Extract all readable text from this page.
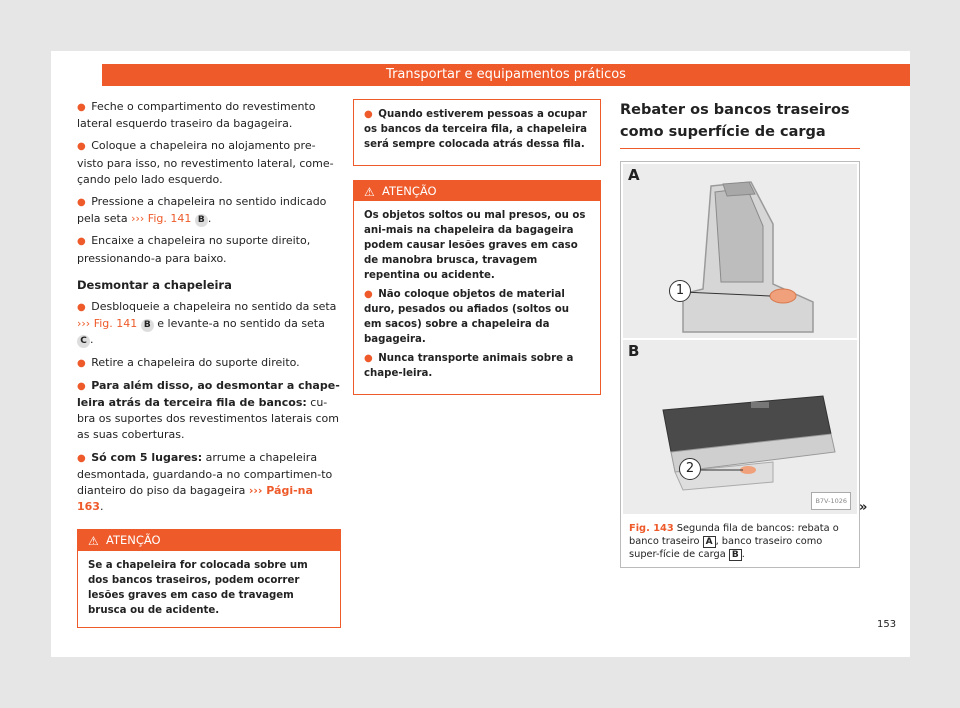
Transportar e equipamentos práticos
● Feche o compartimento do revestimento lateral esquerdo traseiro da bagageira.
● Coloque a chapeleira no alojamento pre-visto para isso, no revestimento lateral, come-çando pelo lado esquerdo.
● Pressione a chapeleira no sentido indicado pela seta ››› Fig. 141 B .
● Encaixe a chapeleira no suporte direito, pressionando-a para baixo.
Desmontar a chapeleira
● Desbloqueie a chapeleira no sentido da seta ››› Fig. 141 B e levante-a no sentido da seta C .
● Retire a chapeleira do suporte direito.
● Para além disso, ao desmontar a chape-leira atrás da terceira fila de bancos: cu-bra os suportes dos revestimentos laterais com as suas coberturas.
● Só com 5 lugares: arrume a chapeleira desmontada, guardando-a no compartimen-to dianteiro do piso da bagageira ››› Pági-na 163.
⚠ ATENÇÃO
Se a chapeleira for colocada sobre um dos bancos traseiros, podem ocorrer lesões graves em caso de travagem brusca ou de acidente.
● Quando estiverem pessoas a ocupar os bancos da terceira fila, a chapeleira será sempre colocada atrás dessa fila.
⚠ ATENÇÃO
Os objetos soltos ou mal presos, ou os ani-mais na chapeleira da bagageira podem causar lesões graves em caso de manobra brusca, travagem repentina ou acidente.
● Não coloque objetos de material duro, pesados ou afiados (soltos ou em sacos) sobre a chapeleira da bagageira.
● Nunca transporte animais sobre a chape-leira.
Rebater os bancos traseiros como superfície de carga
A
1
B
2
B7V-1026
Fig. 143 Segunda fila de bancos: rebata o banco traseiro A , banco traseiro como super-fície de carga B .
»
153
